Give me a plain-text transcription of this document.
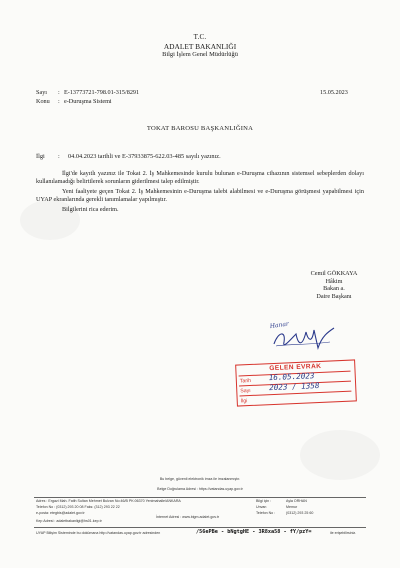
T.C.
ADALET BAKANLIĞI
Bilgi İşlem Genel Müdürlüğü
Sayı : E-13773721-798.01-315/8291	15.05.2023
Konu : e-Duruşma Sistemi
TOKAT BAROSU BAŞKANLIĞINA
İlgi : 04.04.2023 tarihli ve E-37933875-622.03-485 sayılı yazınız.
İlgi'de kayıtlı yazınız ile Tokat 2. İş Mahkemesinde kurulu bulunan e-Duruşma cihazının sistemsel sebeplerden dolayı kullanılamadığı belirtilerek sorunların giderilmesi talep edilmiştir.
Yeni faaliyete geçen Tokat 2. İş Mahkemesinin e-Duruşma talebi alabilmesi ve e-Duruşma görüşmesi yapabilmesi için UYAP ekranlarında gerekli tanımlamalar yapılmıştır.
Bilgilerini rica ederim.
Cemil GÖKKAYA
Hâkim
Bakan a.
Daire Başkanı
Hanar
GELEN EVRAK
Tarih 16.05.2023
Sayı 2023 / 1358
İlgi
Bu belge, güvenli elektronik imza ile imzalanmıştır.
Belge Doğrulama Adresi : https://vatandas.uyap.gov.tr
Adres : Ergazi Mah. Fatih Sultan Mehmet Bulvarı No:46/B PK:06370 Yenimahalle/ANKARA
Telefon No : (0312) 293 20 08 Faks: (312) 293 22 22
e-posta: etegbis@adalet.gov.tr
Kep Adresi : adaletbakanligi@hs01.kep.tr
İnternet Adresi : www.bigm.adalet.gov.tr
Bilgi için :	Ayla ORHAN
Unvan	Memur
Telefon No :	(0312) 293 25 60
UYAP Bilişim Sisteminde bu dokümana http://vatandas.uyap.gov.tr adresinden	/56ePBe - bNgtgHE - 3R8xa58 - fY/pzY=	ile erişebilirsiniz.
